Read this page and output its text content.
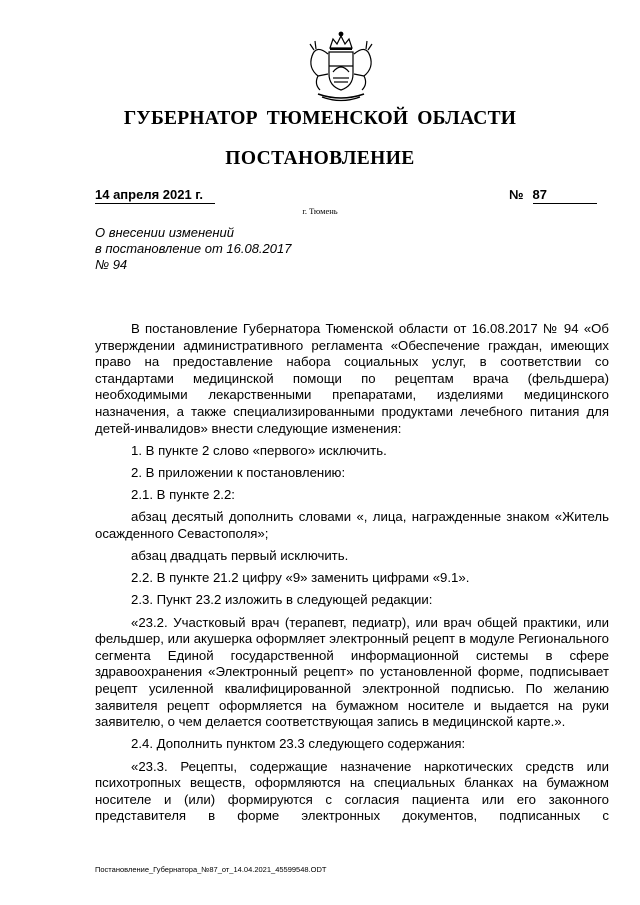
ГУБЕРНАТОР ТЮМЕНСКОЙ ОБЛАСТИ
ПОСТАНОВЛЕНИЕ
14 апреля 2021 г.	№ 87
г. Тюмень
О внесении изменений
в постановление от 16.08.2017
№ 94

В постановление Губернатора Тюменской области от 16.08.2017 № 94 «Об утверждении административного регламента «Обеспечение граждан, имеющих право на предоставление набора социальных услуг, в соответствии со стандартами медицинской помощи по рецептам врача (фельдшера) необходимыми лекарственными препаратами, изделиями медицинского назначения, а также специализированными продуктами лечебного питания для детей-инвалидов» внести следующие изменения:

1. В пункте 2 слово «первого» исключить.

2. В приложении к постановлению:

2.1. В пункте 2.2:

абзац десятый дополнить словами «, лица, награжденные знаком «Житель осажденного Севастополя»;

абзац двадцать первый исключить.

2.2. В пункте 21.2 цифру «9» заменить цифрами «9.1».

2.3. Пункт 23.2 изложить в следующей редакции:

«23.2. Участковый врач (терапевт, педиатр), или врач общей практики, или фельдшер, или акушерка оформляет электронный рецепт в модуле Регионального сегмента Единой государственной информационной системы в сфере здравоохранения «Электронный рецепт» по установленной форме, подписывает рецепт усиленной квалифицированной электронной подписью. По желанию заявителя рецепт оформляется на бумажном носителе и выдается на руки заявителю, о чем делается соответствующая запись в медицинской карте.».

2.4. Дополнить пунктом 23.3 следующего содержания:

«23.3. Рецепты, содержащие назначение наркотических средств или психотропных веществ, оформляются на специальных бланках на бумажном носителе и (или) формируются с согласия пациента или его законного представителя в форме электронных документов, подписанных с

Постановление_Губернатора_№87_от_14.04.2021_45599548.ODT
